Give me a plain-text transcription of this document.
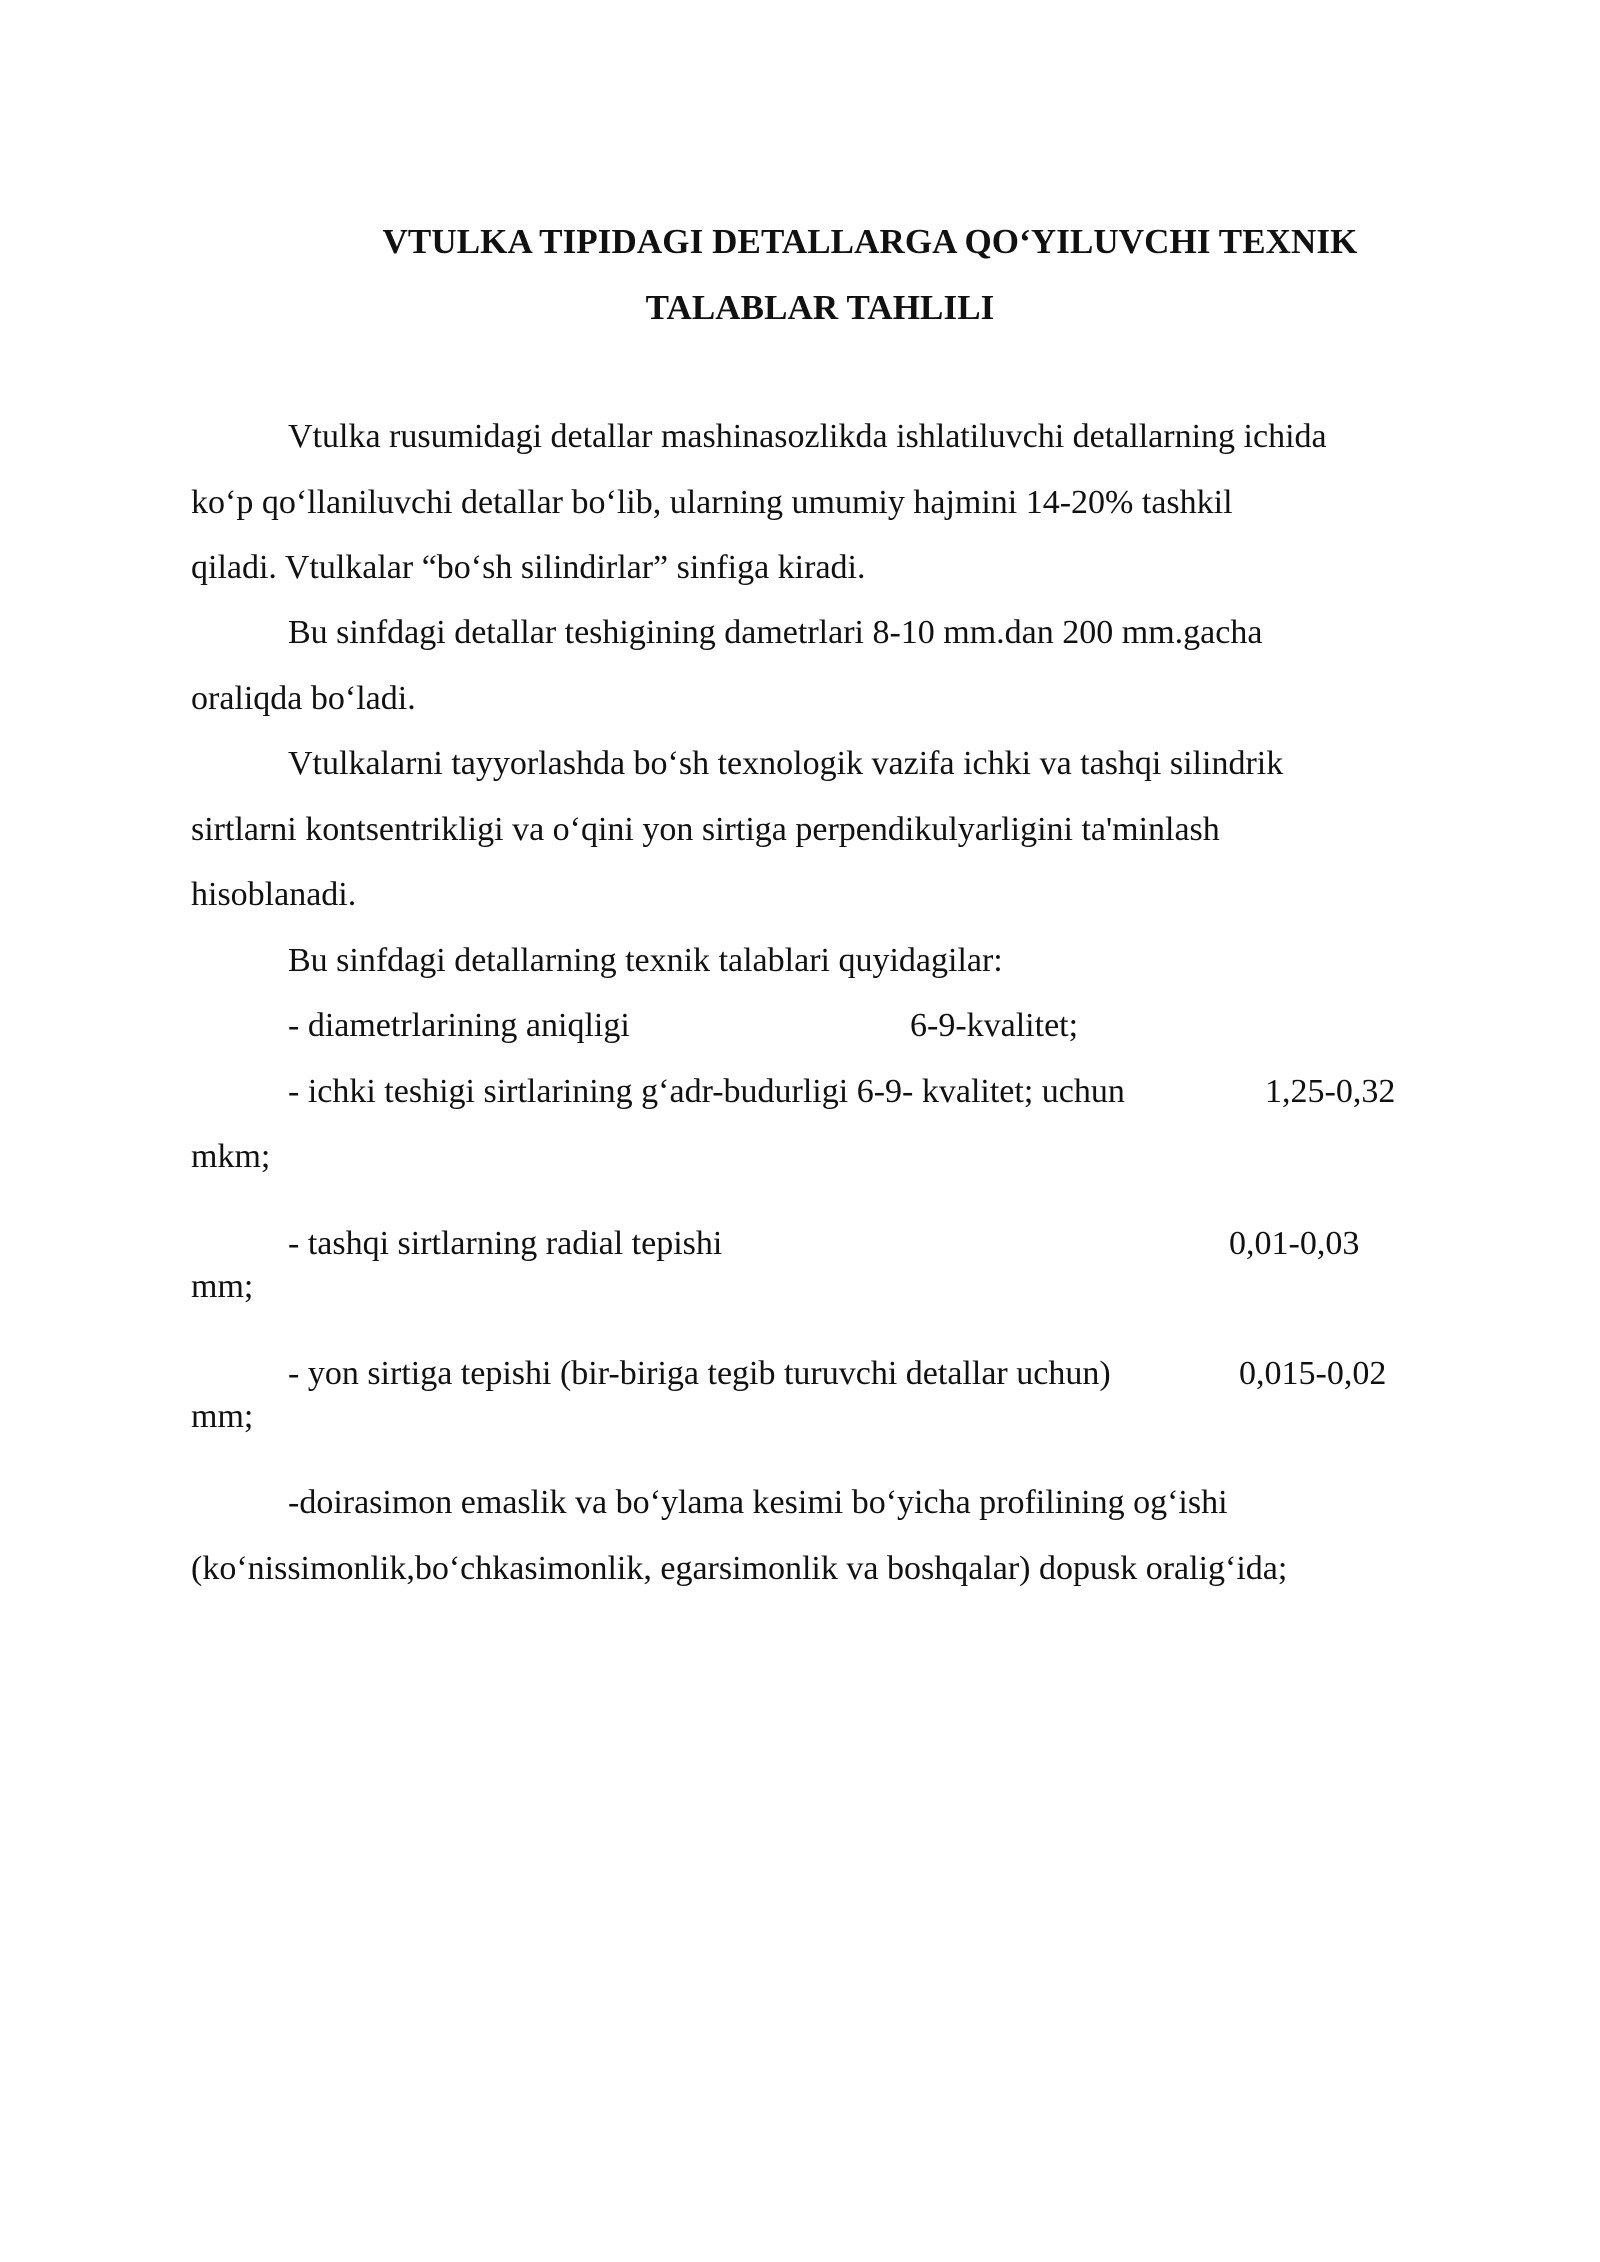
VTULKA TIPIDAGI DETALLARGA QO‘YILUVCHI TEXNIK
TALABLAR TAHLILI
Vtulka rusumidagi detallar mashinasozlikda ishlatiluvchi detallarning ichida
ko‘p qo‘llaniluvchi detallar bo‘lib, ularning umumiy hajmini 14-20% tashkil
qiladi. Vtulkalar “bo‘sh silindirlar” sinfiga kiradi.
Bu sinfdagi detallar teshigining dametrlari 8-10 mm.dan 200 mm.gacha
oraliqda bo‘ladi.
Vtulkalarni tayyorlashda bo‘sh texnologik vazifa ichki va tashqi silindrik
sirtlarni kontsentrikligi va o‘qini yon sirtiga perpendikulyarligini ta'minlash
hisoblanadi.
Bu sinfdagi detallarning texnik talablari quyidagilar:
- diametrlarining aniqligi	6-9-kvalitet;
- ichki teshigi sirtlarining g‘adr-budurligi 6-9- kvalitet; uchun	1,25-0,32
mkm;
- tashqi sirtlarning radial tepishi	0,01-0,03
mm;
- yon sirtiga tepishi (bir-biriga tegib turuvchi detallar uchun)	0,015-0,02
mm;
-doirasimon emaslik va bo‘ylama kesimi bo‘yicha profilining og‘ishi
(ko‘nissimonlik,bo‘chkasimonlik, egarsimonlik va boshqalar) dopusk oralig‘ida;
